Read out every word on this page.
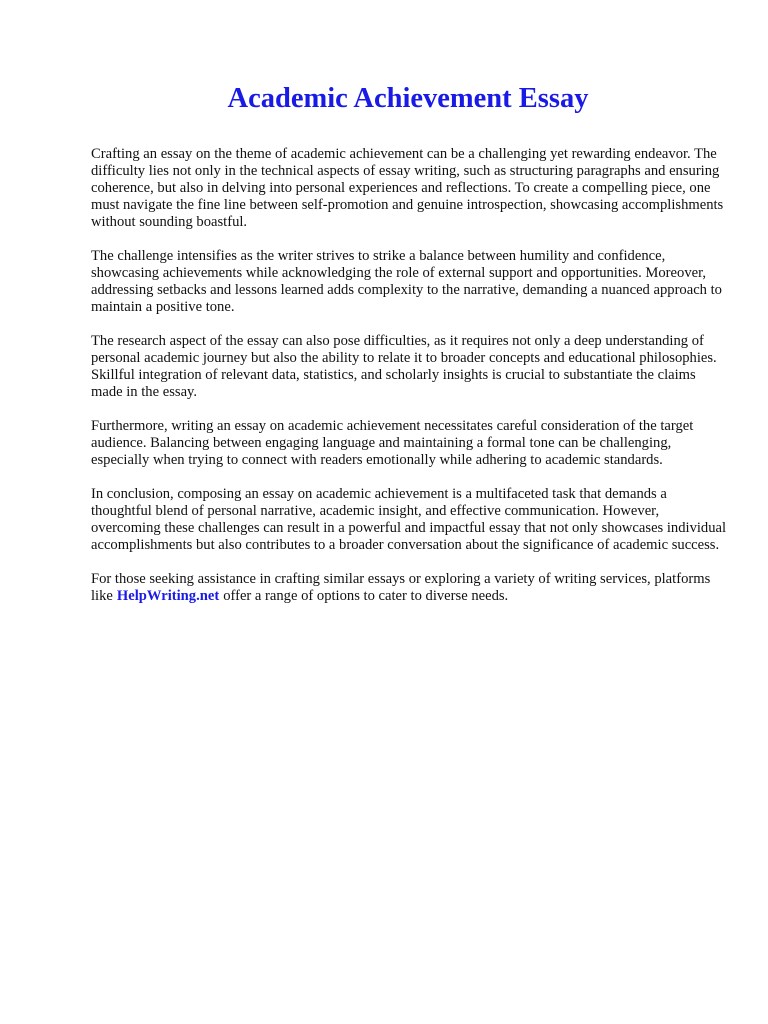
Academic Achievement Essay

Crafting an essay on the theme of academic achievement can be a challenging yet rewarding endeavor. The difficulty lies not only in the technical aspects of essay writing, such as structuring paragraphs and ensuring coherence, but also in delving into personal experiences and reflections. To create a compelling piece, one must navigate the fine line between self-promotion and genuine introspection, showcasing accomplishments without sounding boastful.

The challenge intensifies as the writer strives to strike a balance between humility and confidence, showcasing achievements while acknowledging the role of external support and opportunities. Moreover, addressing setbacks and lessons learned adds complexity to the narrative, demanding a nuanced approach to maintain a positive tone.

The research aspect of the essay can also pose difficulties, as it requires not only a deep understanding of personal academic journey but also the ability to relate it to broader concepts and educational philosophies. Skillful integration of relevant data, statistics, and scholarly insights is crucial to substantiate the claims made in the essay.

Furthermore, writing an essay on academic achievement necessitates careful consideration of the target audience. Balancing between engaging language and maintaining a formal tone can be challenging, especially when trying to connect with readers emotionally while adhering to academic standards.

In conclusion, composing an essay on academic achievement is a multifaceted task that demands a thoughtful blend of personal narrative, academic insight, and effective communication. However, overcoming these challenges can result in a powerful and impactful essay that not only showcases individual accomplishments but also contributes to a broader conversation about the significance of academic success.

For those seeking assistance in crafting similar essays or exploring a variety of writing services, platforms like HelpWriting.net offer a range of options to cater to diverse needs.
